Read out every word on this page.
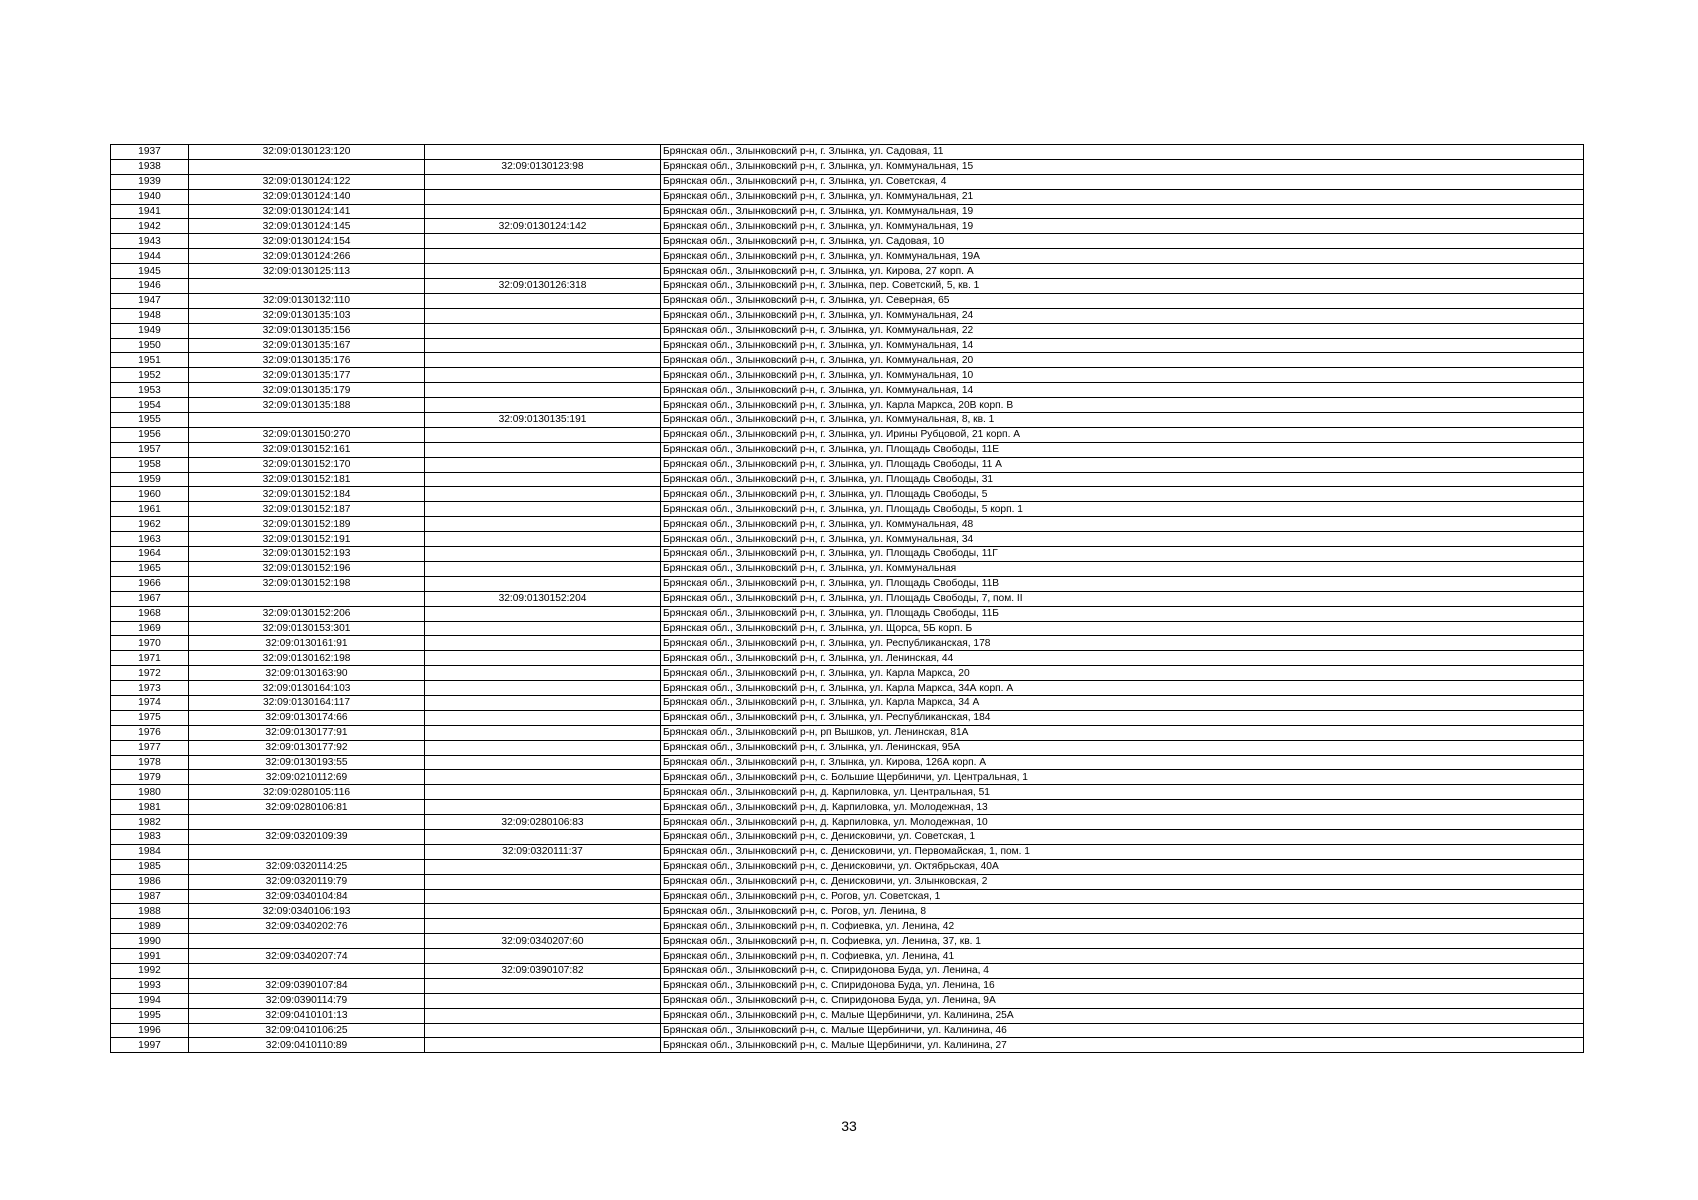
1937	32:09:0130123:120		Брянская обл., Злынковский р-н, г. Злынка, ул. Садовая, 11
1938		32:09:0130123:98	Брянская обл., Злынковский р-н, г. Злынка, ул. Коммунальная, 15
1939	32:09:0130124:122		Брянская обл., Злынковский р-н, г. Злынка, ул. Советская, 4
1940	32:09:0130124:140		Брянская обл., Злынковский р-н, г. Злынка, ул. Коммунальная, 21
1941	32:09:0130124:141		Брянская обл., Злынковский р-н, г. Злынка, ул. Коммунальная, 19
1942	32:09:0130124:145	32:09:0130124:142	Брянская обл., Злынковский р-н, г. Злынка, ул. Коммунальная, 19
1943	32:09:0130124:154		Брянская обл., Злынковский р-н, г. Злынка, ул. Садовая, 10
1944	32:09:0130124:266		Брянская обл., Злынковский р-н, г. Злынка, ул. Коммунальная, 19А
1945	32:09:0130125:113		Брянская обл., Злынковский р-н, г. Злынка, ул. Кирова, 27 корп. А
1946		32:09:0130126:318	Брянская обл., Злынковский р-н, г. Злынка, пер. Советский, 5, кв. 1
1947	32:09:0130132:110		Брянская обл., Злынковский р-н, г. Злынка, ул. Северная, 65
1948	32:09:0130135:103		Брянская обл., Злынковский р-н, г. Злынка, ул. Коммунальная, 24
1949	32:09:0130135:156		Брянская обл., Злынковский р-н, г. Злынка, ул. Коммунальная, 22
1950	32:09:0130135:167		Брянская обл., Злынковский р-н, г. Злынка, ул. Коммунальная, 14
1951	32:09:0130135:176		Брянская обл., Злынковский р-н, г. Злынка, ул. Коммунальная, 20
1952	32:09:0130135:177		Брянская обл., Злынковский р-н, г. Злынка, ул. Коммунальная, 10
1953	32:09:0130135:179		Брянская обл., Злынковский р-н, г. Злынка, ул. Коммунальная, 14
1954	32:09:0130135:188		Брянская обл., Злынковский р-н, г. Злынка, ул. Карла Маркса, 20В корп. В
1955		32:09:0130135:191	Брянская обл., Злынковский р-н, г. Злынка, ул. Коммунальная, 8, кв. 1
1956	32:09:0130150:270		Брянская обл., Злынковский р-н, г. Злынка, ул. Ирины Рубцовой, 21 корп. А
1957	32:09:0130152:161		Брянская обл., Злынковский р-н, г. Злынка, ул. Площадь Свободы, 11Е
1958	32:09:0130152:170		Брянская обл., Злынковский р-н, г. Злынка, ул. Площадь Свободы, 11 А
1959	32:09:0130152:181		Брянская обл., Злынковский р-н, г. Злынка, ул. Площадь Свободы, 31
1960	32:09:0130152:184		Брянская обл., Злынковский р-н, г. Злынка, ул. Площадь Свободы, 5
1961	32:09:0130152:187		Брянская обл., Злынковский р-н, г. Злынка, ул. Площадь Свободы, 5 корп. 1
1962	32:09:0130152:189		Брянская обл., Злынковский р-н, г. Злынка, ул. Коммунальная, 48
1963	32:09:0130152:191		Брянская обл., Злынковский р-н, г. Злынка, ул. Коммунальная, 34
1964	32:09:0130152:193		Брянская обл., Злынковский р-н, г. Злынка, ул. Площадь Свободы, 11Г
1965	32:09:0130152:196		Брянская обл., Злынковский р-н, г. Злынка, ул. Коммунальная
1966	32:09:0130152:198		Брянская обл., Злынковский р-н, г. Злынка, ул. Площадь Свободы, 11В
1967		32:09:0130152:204	Брянская обл., Злынковский р-н, г. Злынка, ул. Площадь Свободы, 7, пом. II
1968	32:09:0130152:206		Брянская обл., Злынковский р-н, г. Злынка, ул. Площадь Свободы, 11Б
1969	32:09:0130153:301		Брянская обл., Злынковский р-н, г. Злынка, ул. Щорса, 5Б корп. Б
1970	32:09:0130161:91		Брянская обл., Злынковский р-н, г. Злынка, ул. Республиканская, 178
1971	32:09:0130162:198		Брянская обл., Злынковский р-н, г. Злынка, ул. Ленинская, 44
1972	32:09:0130163:90		Брянская обл., Злынковский р-н, г. Злынка, ул. Карла Маркса, 20
1973	32:09:0130164:103		Брянская обл., Злынковский р-н, г. Злынка, ул. Карла Маркса, 34А корп. А
1974	32:09:0130164:117		Брянская обл., Злынковский р-н, г. Злынка, ул. Карла Маркса, 34 А
1975	32:09:0130174:66		Брянская обл., Злынковский р-н, г. Злынка, ул. Республиканская, 184
1976	32:09:0130177:91		Брянская обл., Злынковский р-н, рп Вышков, ул. Ленинская, 81А
1977	32:09:0130177:92		Брянская обл., Злынковский р-н, г. Злынка, ул. Ленинская, 95А
1978	32:09:0130193:55		Брянская обл., Злынковский р-н, г. Злынка, ул. Кирова, 126А корп. А
1979	32:09:0210112:69		Брянская обл., Злынковский р-н, с. Большие Щербиничи, ул. Центральная, 1
1980	32:09:0280105:116		Брянская обл., Злынковский р-н, д. Карпиловка, ул. Центральная, 51
1981	32:09:0280106:81		Брянская обл., Злынковский р-н, д. Карпиловка, ул. Молодежная, 13
1982		32:09:0280106:83	Брянская обл., Злынковский р-н, д. Карпиловка, ул. Молодежная, 10
1983	32:09:0320109:39		Брянская обл., Злынковский р-н, с. Денисковичи, ул. Советская, 1
1984		32:09:0320111:37	Брянская обл., Злынковский р-н, с. Денисковичи, ул. Первомайская, 1, пом. 1
1985	32:09:0320114:25		Брянская обл., Злынковский р-н, с. Денисковичи, ул. Октябрьская, 40А
1986	32:09:0320119:79		Брянская обл., Злынковский р-н, с. Денисковичи, ул. Злынковская, 2
1987	32:09:0340104:84		Брянская обл., Злынковский р-н, с. Рогов, ул. Советская, 1
1988	32:09:0340106:193		Брянская обл., Злынковский р-н, с. Рогов, ул. Ленина, 8
1989	32:09:0340202:76		Брянская обл., Злынковский р-н, п. Софиевка, ул. Ленина, 42
1990		32:09:0340207:60	Брянская обл., Злынковский р-н, п. Софиевка, ул. Ленина, 37, кв. 1
1991	32:09:0340207:74		Брянская обл., Злынковский р-н, п. Софиевка, ул. Ленина, 41
1992		32:09:0390107:82	Брянская обл., Злынковский р-н, с. Спиридонова Буда, ул. Ленина, 4
1993	32:09:0390107:84		Брянская обл., Злынковский р-н, с. Спиридонова Буда, ул. Ленина, 16
1994	32:09:0390114:79		Брянская обл., Злынковский р-н, с. Спиридонова Буда, ул. Ленина, 9А
1995	32:09:0410101:13		Брянская обл., Злынковский р-н, с. Малые Щербиничи, ул. Калинина, 25А
1996	32:09:0410106:25		Брянская обл., Злынковский р-н, с. Малые Щербиничи, ул. Калинина, 46
1997	32:09:0410110:89		Брянская обл., Злынковский р-н, с. Малые Щербиничи, ул. Калинина, 27
33
